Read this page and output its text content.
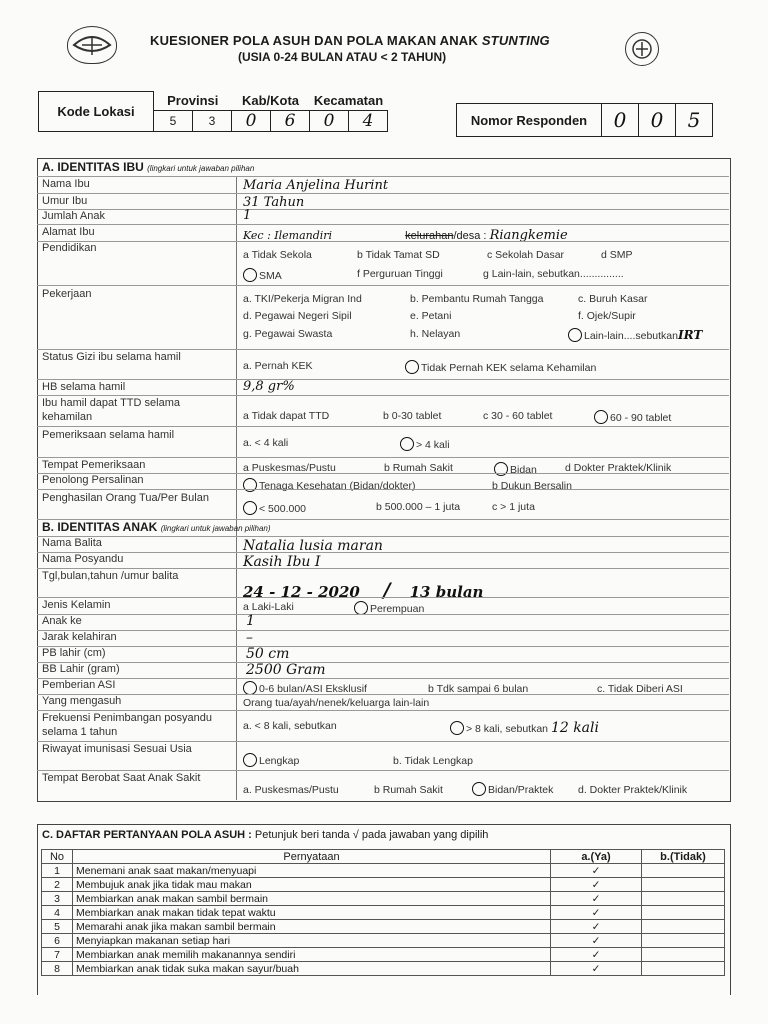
KUESIONER POLA ASUH DAN POLA MAKAN ANAK STUNTING
(USIA 0-24 BULAN ATAU < 2 TAHUN)
Kode Lokasi	Provinsi		Kab/Kota		Kecamatan	
	5	3	0	6	0	4	Nomor Responden	0	0	5
A. IDENTITAS IBU (lingkari untuk jawaban pilihan
Nama Ibu	Maria Anjelina Hurint
Umur Ibu	31 Tahun
Jumlah Anak	1
Alamat Ibu	Kec : Ilemandiri	kelurahan/desa : Riangkemie
Pendidikan
a Tidak Sekola	b Tidak Tamat SD	c Sekolah Dasar	d SMP
SMA	f Perguruan Tinggi	g Lain-lain, sebutkan...............
Pekerjaan	a. TKI/Pekerja Migran Ind	b. Pembantu Rumah Tangga	c. Buruh Kasar
d. Pegawai Negeri Sipil	e. Petani	f. Ojek/Supir
g. Pegawai Swasta	h. Nelayan	Lain-lain....sebutkanIRT
Status Gizi ibu selama hamil
a. Pernah KEK	Tidak Pernah KEK selama Kehamilan
HB selama hamil	9,8 gr%
Ibu hamil dapat TTD selama kehamilan	a Tidak dapat TTD	b 0-30 tablet	c 30 - 60 tablet	60 - 90 tablet
Pemeriksaan selama hamil
a. < 4 kali	> 4 kali
Tempat Pemeriksaan	a Puskesmas/Pustu	b Rumah Sakit	Bidan	d Dokter Praktek/Klinik
Penolong Persalinan	Tenaga Kesehatan (Bidan/dokter)	b Dukun Bersalin
Penghasilan Orang Tua/Per Bulan
< 500.000	b 500.000 – 1 juta	c > 1 juta
B. IDENTITAS ANAK (lingkari untuk jawaban pilihan)
Nama Balita	Natalia lusia maran
Nama Posyandu	Kasih Ibu I
Tgl,bulan,tahun /umur balita
24 - 12 - 2020 / 13 bulan
Jenis Kelamin	a Laki-Laki	Perempuan
Anak ke	1
Jarak kelahiran	–
PB lahir (cm)	50 cm
BB Lahir (gram)	2500 Gram
Pemberian ASI	0-6 bulan/ASI Eksklusif	b Tdk sampai 6 bulan	c. Tidak Diberi ASI
Yang mengasuh	Orang tua/ayah/nenek/keluarga lain-lain
Frekuensi Penimbangan posyandu selama 1 tahun	a. < 8 kali, sebutkan	> 8 kali, sebutkan 12 kali
Riwayat imunisasi Sesuai Usia
Lengkap	b. Tidak Lengkap
Tempat Berobat Saat Anak Sakit
a. Puskesmas/Pustu	b Rumah Sakit	Bidan/Praktek d. Dokter Praktek/Klinik
C. DAFTAR PERTANYAAN POLA ASUH : Petunjuk beri tanda √ pada jawaban yang dipilih
No	Pernyataan	a.(Ya)	b.(Tidak)
1	Menemani anak saat makan/menyuapi	✓	
2	Membujuk anak jika tidak mau makan	✓	
3	Membiarkan anak makan sambil bermain	✓	
4	Membiarkan anak makan tidak tepat waktu	✓	
5	Memarahi anak jika makan sambil bermain	✓	
6	Menyiapkan makanan setiap hari	✓	
7	Membiarkan anak memilih makanannya sendiri	✓	
8	Membiarkan anak tidak suka makan sayur/buah	✓	
